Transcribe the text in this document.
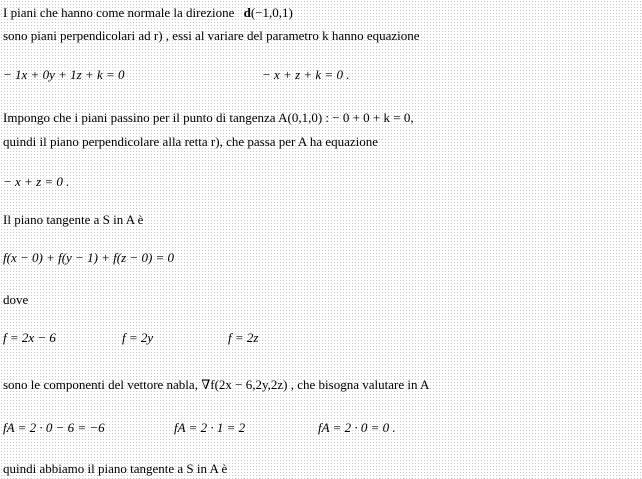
I piani che hanno come normale la direzione d(−1,0,1)
sono piani perpendicolari ad r) , essi al variare del parametro k hanno equazione
− 1x + 0y + 1z + k = 0	− x + z + k = 0 .
Impongo che i piani passino per il punto di tangenza A(0,1,0) : − 0 + 0 + k = 0,
quindi il piano perpendicolare alla retta r), che passa per A ha equazione
− x + z = 0 .
Il piano tangente a S in A è
f(x − 0) + f(y − 1) + f(z − 0) = 0
dove
f = 2x − 6	f = 2y	f = 2z
sono le componenti del vettore nabla, ∇f(2x − 6,2y,2z) , che bisogna valutare in A
fA = 2 · 0 − 6 = −6	fA = 2 · 1 = 2	fA = 2 · 0 = 0 .
quindi abbiamo il piano tangente a S in A è
